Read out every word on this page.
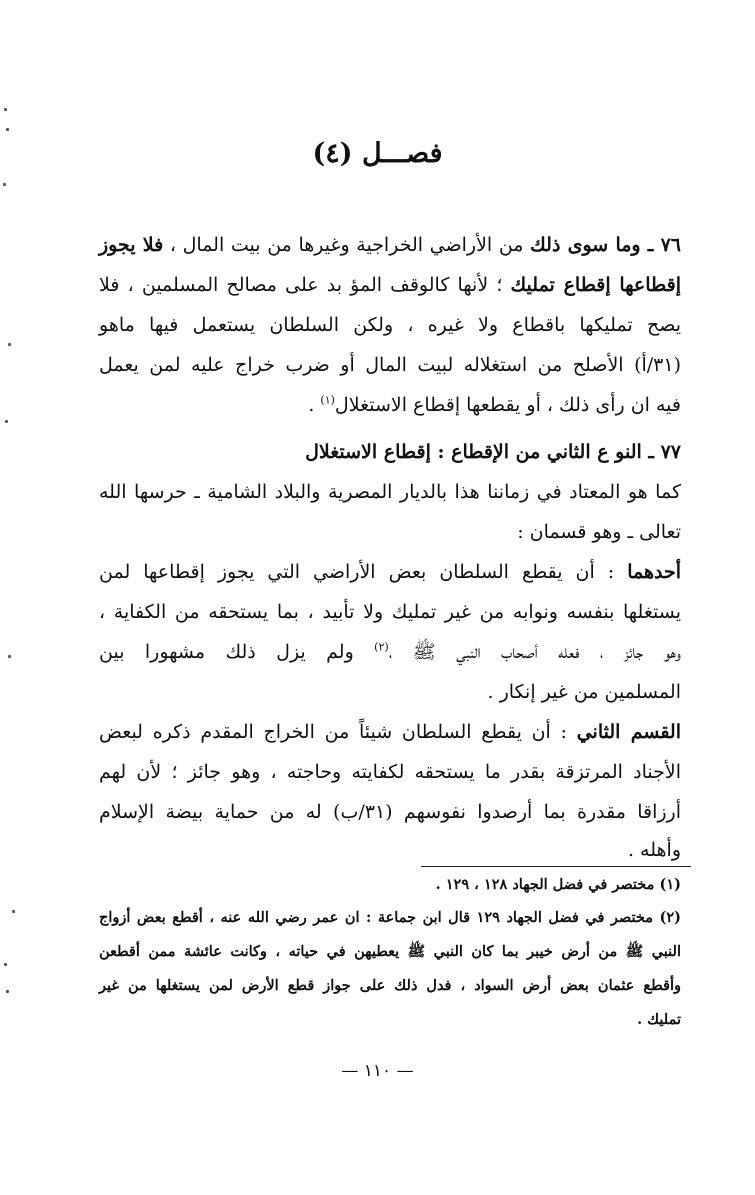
فصـــل (٤)
٧٦ ـ وما سوى ذلك من الأراضي الخراجية وغيرها من بيت المال ، فلا يجوز
إقطاعها إقطاع تمليك ؛ لأنها كالوقف المؤ بد على مصالح المسلمين ، فلا
يصح تمليكها باقطاع ولا غيره ، ولكن السلطان يستعمل فيها ماهو
(٣١/أ) الأصلح من استغلاله لبيت المال أو ضرب خراج عليه لمن يعمل
فيه ان رأى ذلك ، أو يقطعها إقطاع الاستغلال$^{(١)}$ .
٧٧ ـ النو ع الثاني من الإقطاع : إقطاع الاستغلال
كما هو المعتاد في زماننا هذا بالديار المصرية والبلاد الشامية ـ حرسها الله
تعالى ـ وهو قسمان :
أحدهما : أن يقطع السلطان بعض الأراضي التي يجوز إقطاعها لمن
يستغلها بنفسه ونوابه من غير تمليك ولا تأبيد ، بما يستحقه من الكفاية ،
وهو جائز ، فعله أصحاب النبي ﷺ ،$^{(٢)}$ ولم يزل ذلك مشهورا بين
المسلمين من غير إنكار .
القسم الثاني : أن يقطع السلطان شيئاً من الخراج المقدم ذكره لبعض
الأجناد المرتزقة بقدر ما يستحقه لكفايته وحاجته ، وهو جائز ؛ لأن لهم
أرزاقا مقدرة بما أرصدوا نفوسهم (٣١/ب) له من حماية بيضة الإسلام
وأهله .
(١) مختصر في فضل الجهاد ١٢٨ ، ١٢٩ .
(٢) مختصر في فضل الجهاد ١٢٩ قال ابن جماعة : ان عمر رضي الله عنه ، أقطع بعض أزواج
النبي ﷺ من أرض خيبر بما كان النبي ﷺ يعطيهن في حياته ، وكانت عائشة ممن أقطعن
وأقطع عثمان بعض أرض السواد ، فدل ذلك على جواز قطع الأرض لمن يستغلها من غير
تمليك .
— ١١٠ —
